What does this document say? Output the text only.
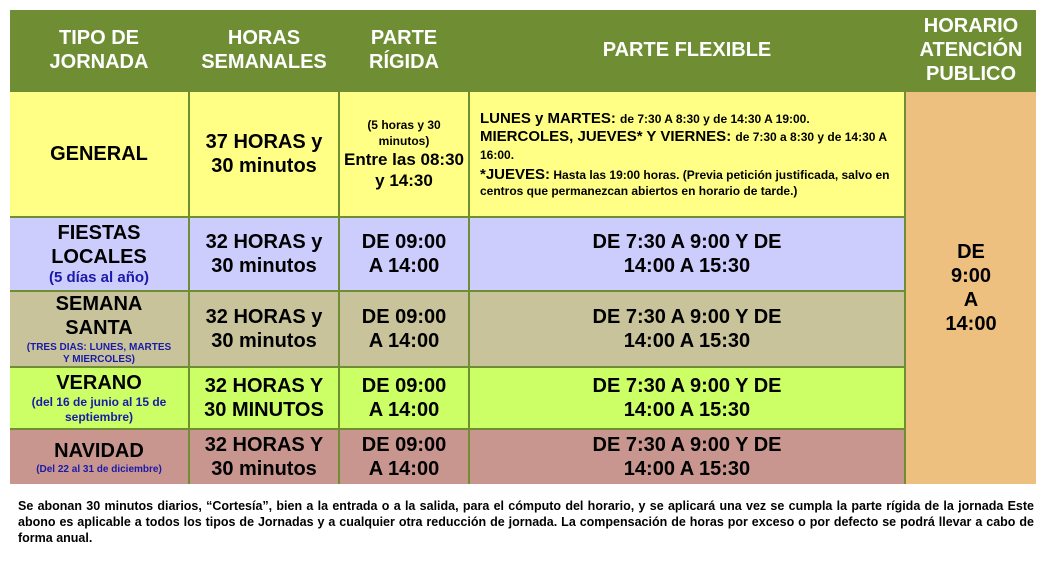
TIPO DE JORNADA
HORAS SEMANALES
PARTE RÍGIDA
PARTE FLEXIBLE
HORARIO ATENCIÓN PUBLICO
GENERAL
37 HORAS y 30 minutos
(5 horas y 30 minutos)
Entre las 08:30 y 14:30
LUNES y MARTES: de 7:30 A 8:30 y de 14:30 A 19:00.
MIERCOLES, JUEVES* Y VIERNES: de 7:30 a 8:30 y de 14:30 A 16:00.
*JUEVES: Hasta las 19:00 horas. (Previa petición justificada, salvo en centros que permanezcan abiertos en horario de tarde.)
FIESTAS LOCALES
(5 días al año)
32 HORAS y 30 minutos
DE 09:00 A 14:00
DE 7:30 A 9:00 Y DE 14:00 A 15:30
SEMANA SANTA
(TRES DIAS: LUNES, MARTES Y MIERCOLES)
32 HORAS y 30 minutos
DE 09:00 A 14:00
DE 7:30 A 9:00 Y DE 14:00 A 15:30
VERANO
(del 16 de junio al 15 de septiembre)
32 HORAS Y 30 MINUTOS
DE 09:00 A 14:00
DE 7:30 A 9:00 Y DE 14:00 A 15:30
NAVIDAD
(Del 22 al 31 de diciembre)
32 HORAS Y 30 minutos
DE 09:00 A 14:00
DE 7:30 A 9:00 Y DE 14:00 A 15:30
DE
9:00
A
14:00
Se abonan 30 minutos diarios, “Cortesía”, bien a la entrada o a la salida, para el cómputo del horario, y se aplicará una vez se cumpla la parte rígida de la jornada Este abono es aplicable a todos los tipos de Jornadas y a cualquier otra reducción de jornada. La compensación de horas por exceso o por defecto se podrá llevar a cabo de forma anual.
